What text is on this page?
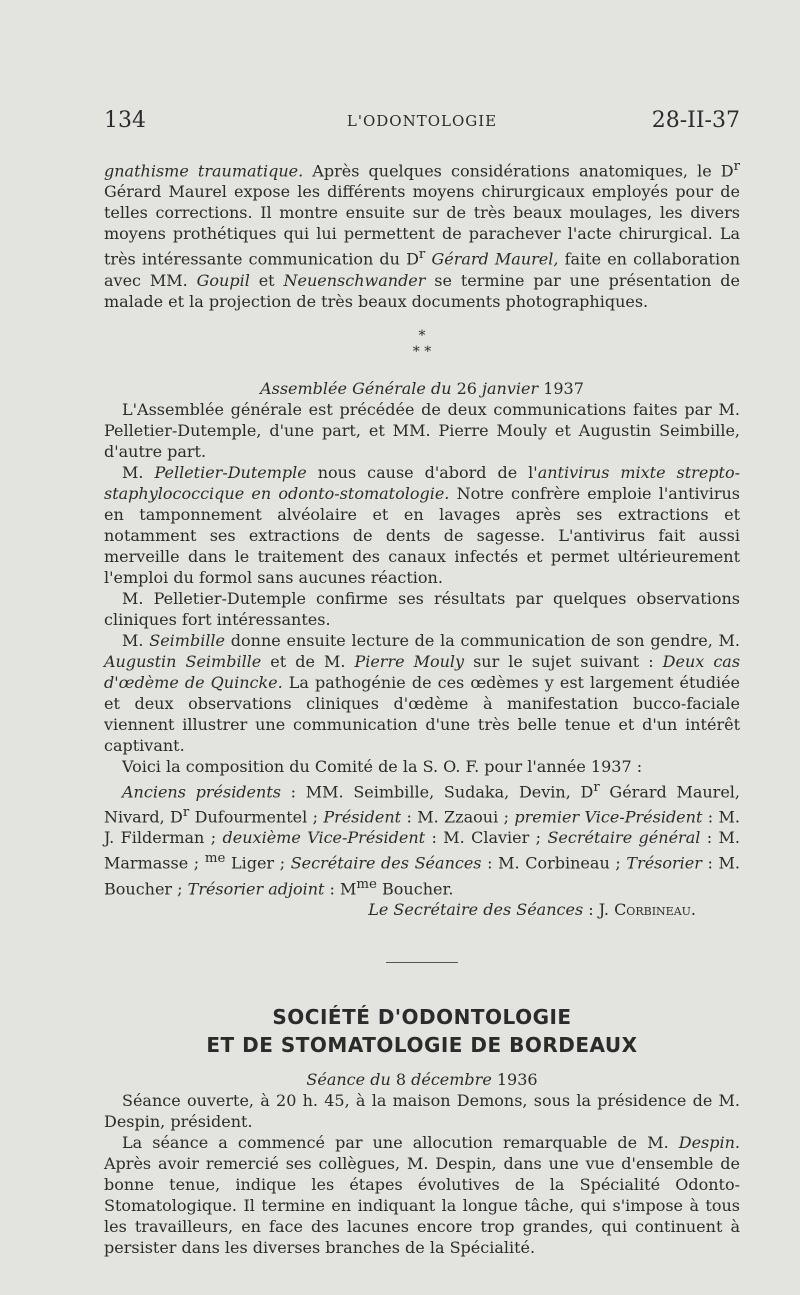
134	L'ODONTOLOGIE	28-II-37

gnathisme traumatique. Après quelques considérations anatomiques, le $D^r$ Gérard Maurel expose les différents moyens chirurgicaux employés pour de telles corrections. Il montre ensuite sur de très beaux moulages, les divers moyens prothétiques qui lui permettent de parachever l'acte chirurgical. La très intéressante communication du $D^r$ Gérard Maurel, faite en collaboration avec MM. Goupil et Neuenschwander se termine par une présentation de malade et la projection de très beaux documents photographiques.

*
* *

Assemblée Générale du 26 janvier 1937

L'Assemblée générale est précédée de deux communications faites par M. Pelletier-Dutemple, d'une part, et MM. Pierre Mouly et Augustin Seimbille, d'autre part.

M. Pelletier-Dutemple nous cause d'abord de l'antivirus mixte strepto-staphylococcique en odonto-stomatologie. Notre confrère emploie l'antivirus en tamponnement alvéolaire et en lavages après ses extractions et notamment ses extractions de dents de sagesse. L'antivirus fait aussi merveille dans le traitement des canaux infectés et permet ultérieurement l'emploi du formol sans aucunes réaction.

M. Pelletier-Dutemple confirme ses résultats par quelques observations cliniques fort intéressantes.

M. Seimbille donne ensuite lecture de la communication de son gendre, M. Augustin Seimbille et de M. Pierre Mouly sur le sujet suivant : Deux cas d'œdème de Quincke. La pathogénie de ces œdèmes y est largement étudiée et deux observations cliniques d'œdème à manifestation bucco-faciale viennent illustrer une communication d'une très belle tenue et d'un intérêt captivant.

Voici la composition du Comité de la S. O. F. pour l'année 1937 :

Anciens présidents : MM. Seimbille, Sudaka, Devin, $D^r$ Gérard Maurel, Nivard, $D^r$ Dufourmentel ; Président : M. Zzaoui ; premier Vice-Président : M. J. Filderman ; deuxième Vice-Président : M. Clavier ; Secrétaire général : M. Marmasse ; $^{me}$ Liger ; Secrétaire des Séances : M. Corbineau ; Trésorier : M. Boucher ; Trésorier adjoint : $M^{me}$ Boucher.

Le Secrétaire des Séances : J. Corbineau.

SOCIÉTÉ D'ODONTOLOGIE
ET DE STOMATOLOGIE DE BORDEAUX

Séance du 8 décembre 1936

Séance ouverte, à 20 h. 45, à la maison Demons, sous la présidence de M. Despin, président.

La séance a commencé par une allocution remarquable de M. Despin. Après avoir remercié ses collègues, M. Despin, dans une vue d'ensemble de bonne tenue, indique les étapes évolutives de la Spécialité Odonto-Stomatologique. Il termine en indiquant la longue tâche, qui s'impose à tous les travailleurs, en face des lacunes encore trop grandes, qui continuent à persister dans les diverses branches de la Spécialité.
